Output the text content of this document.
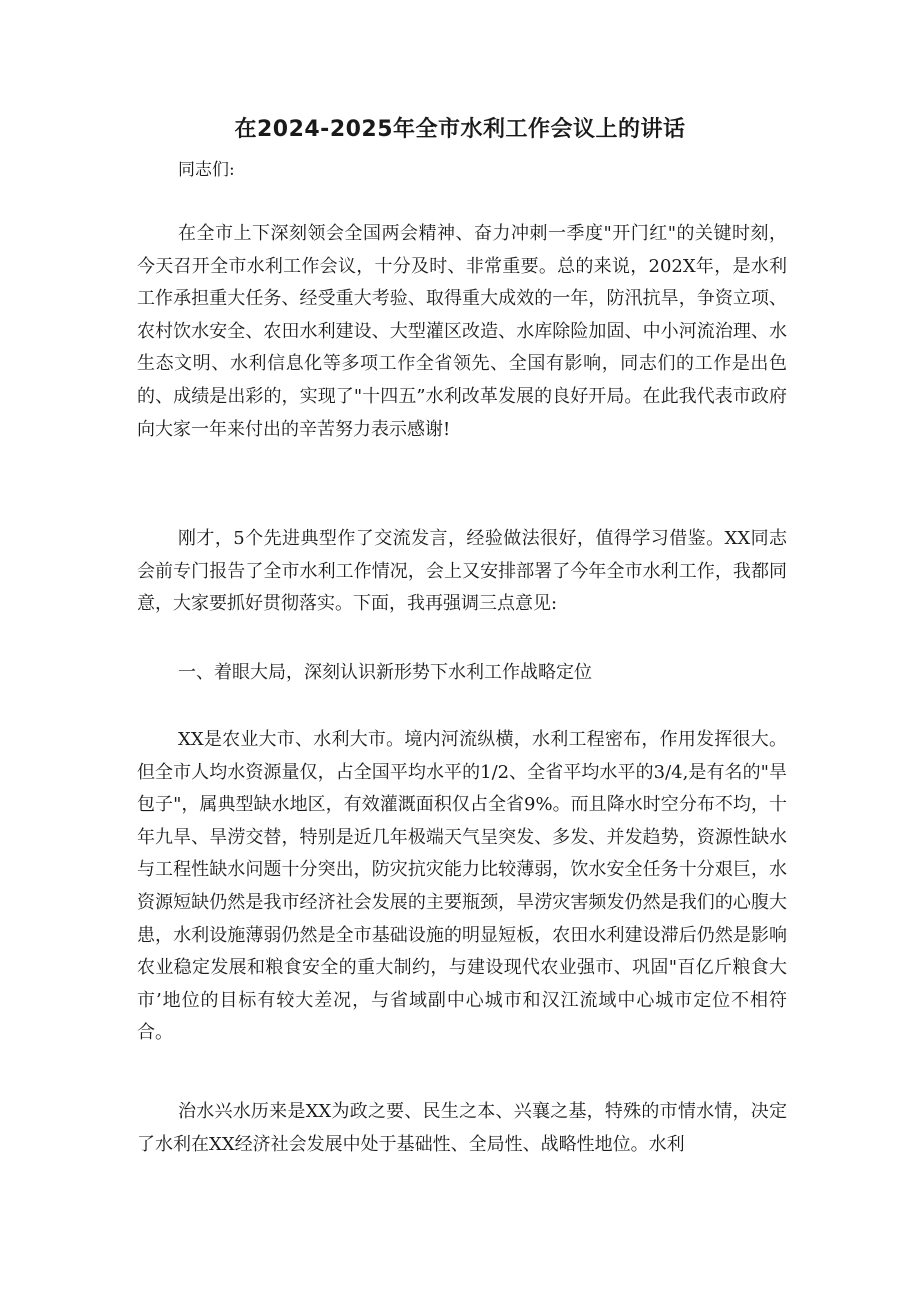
在2024-2025年全市水利工作会议上的讲话

同志们:

在全市上下深刻领会全国两会精神、奋力冲刺一季度"开门红"的关键时刻，今天召开全市水利工作会议，十分及时、非常重要。总的来说，202X年，是水利工作承担重大任务、经受重大考验、取得重大成效的一年，防汛抗旱，争资立项、农村饮水安全、农田水利建设、大型灌区改造、水库除险加固、中小河流治理、水生态文明、水利信息化等多项工作全省领先、全国有影响，同志们的工作是出色的、成绩是出彩的，实现了"十四五”水利改革发展的良好开局。在此我代表市政府向大家一年来付出的辛苦努力表示感谢!

刚才，5个先进典型作了交流发言，经验做法很好，值得学习借鉴。XX同志会前专门报告了全市水利工作情况，会上又安排部署了今年全市水利工作，我都同意，大家要抓好贯彻落实。下面，我再强调三点意见:

一、着眼大局，深刻认识新形势下水利工作战略定位

XX是农业大市、水利大市。境内河流纵横，水利工程密布，作用发挥很大。但全市人均水资源量仅，占全国平均水平的1/2、全省平均水平的3/4,是有名的"旱包子"，属典型缺水地区，有效灌溉面积仅占全省9%。而且降水时空分布不均，十年九旱、旱涝交替，特别是近几年极端天气呈突发、多发、并发趋势，资源性缺水与工程性缺水问题十分突出，防灾抗灾能力比较薄弱，饮水安全任务十分艰巨，水资源短缺仍然是我市经济社会发展的主要瓶颈，旱涝灾害频发仍然是我们的心腹大患，水利设施薄弱仍然是全市基础设施的明显短板，农田水利建设滞后仍然是影响农业稳定发展和粮食安全的重大制约，与建设现代农业强市、巩固"百亿斤粮食大市’地位的目标有较大差况，与省域副中心城市和汉江流域中心城市定位不相符合。

治水兴水历来是XX为政之要、民生之本、兴襄之基，特殊的市情水情，决定了水利在XX经济社会发展中处于基础性、全局性、战略性地位。水利
